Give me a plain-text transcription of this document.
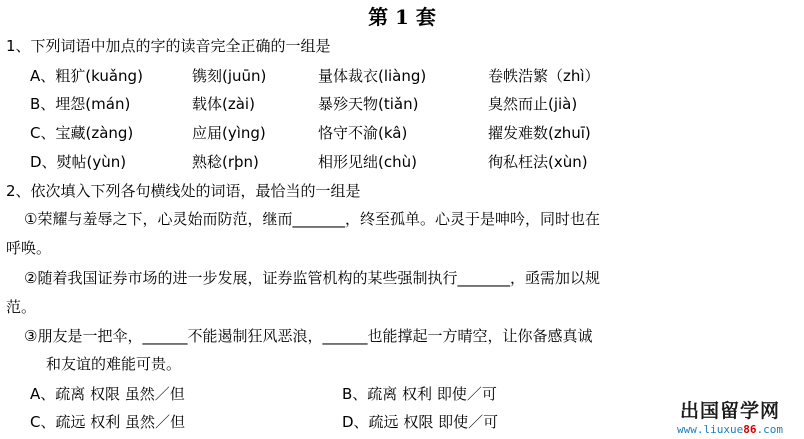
第 1 套
1、下列词语中加点的字的读音完全正确的一组是
A、粗犷(kuǎng)	镌刻(juūn)	量体裁衣(liàng)	卷帙浩繁（zhì）
B、埋怨(mán)	载体(zài)	暴殄天物(tiǎn)	臭然而止(jià)
C、宝藏(zàng)	应届(yìng)	恪守不渝(kâ)	擢发难数(zhuī)
D、熨帖(yùn)	熟稔(rþn)	相形见绌(chù)	徇私枉法(xùn)
2、依次填入下列各句横线处的词语，最恰当的一组是
①荣耀与羞辱之下，心灵始而防范，继而_______，终至孤单。心灵于是呻吟，同时也在
呼唤。
②随着我国证券市场的进一步发展，证券监管机构的某些强制执行_______，亟需加以规
范。
③朋友是一把伞，______不能遏制狂风恶浪，______也能撑起一方晴空，让你备感真诚
和友谊的难能可贵。
A、疏离 权限 虽然／但	B、疏离 权利 即使／可
C、疏远 权利 虽然／但	D、疏远 权限 即使／可	出国留学网
www.liuxue86.com
